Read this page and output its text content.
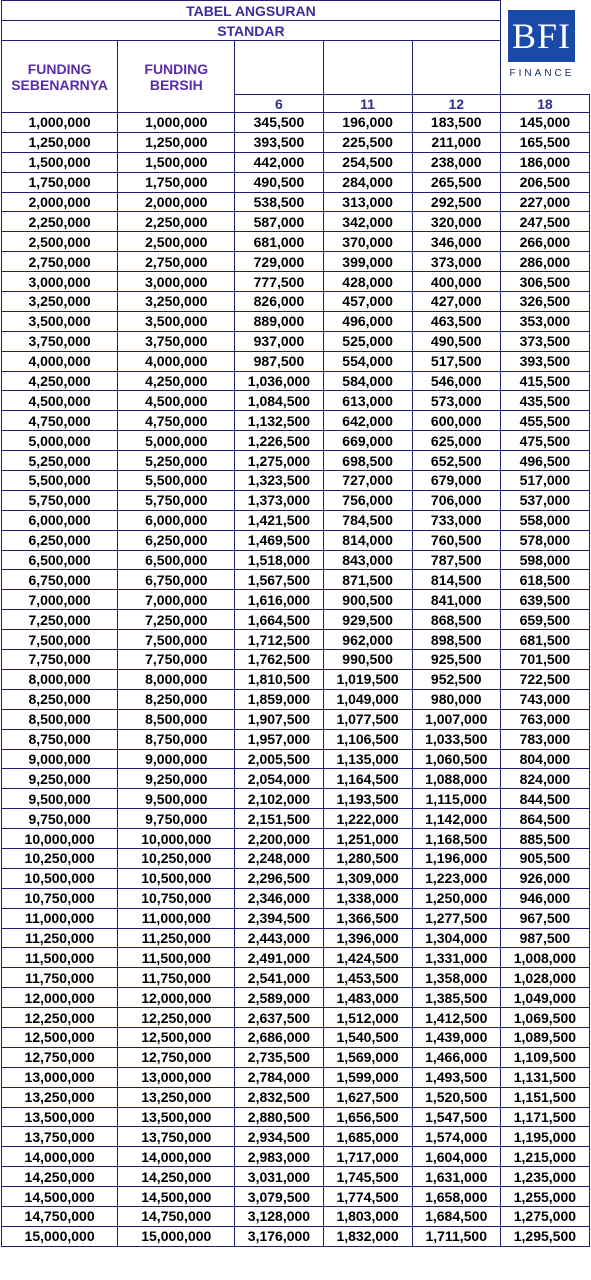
TABEL ANGSURAN					
STANDAR					
FUNDING SEBENARNYA	FUNDING BERSIH				
		6	11	12	18
1,000,000	1,000,000	345,500	196,000	183,500	145,000
1,250,000	1,250,000	393,500	225,500	211,000	165,500
1,500,000	1,500,000	442,000	254,500	238,000	186,000
1,750,000	1,750,000	490,500	284,000	265,500	206,500
2,000,000	2,000,000	538,500	313,000	292,500	227,000
2,250,000	2,250,000	587,000	342,000	320,000	247,500
2,500,000	2,500,000	681,000	370,000	346,000	266,000
2,750,000	2,750,000	729,000	399,000	373,000	286,000
3,000,000	3,000,000	777,500	428,000	400,000	306,500
3,250,000	3,250,000	826,000	457,000	427,000	326,500
3,500,000	3,500,000	889,000	496,000	463,500	353,000
3,750,000	3,750,000	937,000	525,000	490,500	373,500
4,000,000	4,000,000	987,500	554,000	517,500	393,500
4,250,000	4,250,000	1,036,000	584,000	546,000	415,500
4,500,000	4,500,000	1,084,500	613,000	573,000	435,500
4,750,000	4,750,000	1,132,500	642,000	600,000	455,500
5,000,000	5,000,000	1,226,500	669,000	625,000	475,500
5,250,000	5,250,000	1,275,000	698,500	652,500	496,500
5,500,000	5,500,000	1,323,500	727,000	679,000	517,000
5,750,000	5,750,000	1,373,000	756,000	706,000	537,000
6,000,000	6,000,000	1,421,500	784,500	733,000	558,000
6,250,000	6,250,000	1,469,500	814,000	760,500	578,000
6,500,000	6,500,000	1,518,000	843,000	787,500	598,000
6,750,000	6,750,000	1,567,500	871,500	814,500	618,500
7,000,000	7,000,000	1,616,000	900,500	841,000	639,500
7,250,000	7,250,000	1,664,500	929,500	868,500	659,500
7,500,000	7,500,000	1,712,500	962,000	898,500	681,500
7,750,000	7,750,000	1,762,500	990,500	925,500	701,500
8,000,000	8,000,000	1,810,500	1,019,500	952,500	722,500
8,250,000	8,250,000	1,859,000	1,049,000	980,000	743,000
8,500,000	8,500,000	1,907,500	1,077,500	1,007,000	763,000
8,750,000	8,750,000	1,957,000	1,106,500	1,033,500	783,000
9,000,000	9,000,000	2,005,500	1,135,000	1,060,500	804,000
9,250,000	9,250,000	2,054,000	1,164,500	1,088,000	824,000
9,500,000	9,500,000	2,102,000	1,193,500	1,115,000	844,500
9,750,000	9,750,000	2,151,500	1,222,000	1,142,000	864,500
10,000,000	10,000,000	2,200,000	1,251,000	1,168,500	885,500
10,250,000	10,250,000	2,248,000	1,280,500	1,196,000	905,500
10,500,000	10,500,000	2,296,500	1,309,000	1,223,000	926,000
10,750,000	10,750,000	2,346,000	1,338,000	1,250,000	946,000
11,000,000	11,000,000	2,394,500	1,366,500	1,277,500	967,500
11,250,000	11,250,000	2,443,000	1,396,000	1,304,000	987,500
11,500,000	11,500,000	2,491,000	1,424,500	1,331,000	1,008,000
11,750,000	11,750,000	2,541,000	1,453,500	1,358,000	1,028,000
12,000,000	12,000,000	2,589,000	1,483,000	1,385,500	1,049,000
12,250,000	12,250,000	2,637,500	1,512,000	1,412,500	1,069,500
12,500,000	12,500,000	2,686,000	1,540,500	1,439,000	1,089,500
12,750,000	12,750,000	2,735,500	1,569,000	1,466,000	1,109,500
13,000,000	13,000,000	2,784,000	1,599,000	1,493,500	1,131,500
13,250,000	13,250,000	2,832,500	1,627,500	1,520,500	1,151,500
13,500,000	13,500,000	2,880,500	1,656,500	1,547,500	1,171,500
13,750,000	13,750,000	2,934,500	1,685,000	1,574,000	1,195,000
14,000,000	14,000,000	2,983,000	1,717,000	1,604,000	1,215,000
14,250,000	14,250,000	3,031,000	1,745,500	1,631,000	1,235,000
14,500,000	14,500,000	3,079,500	1,774,500	1,658,000	1,255,000
14,750,000	14,750,000	3,128,000	1,803,000	1,684,500	1,275,000
15,000,000	15,000,000	3,176,000	1,832,000	1,711,500	1,295,500
BFI
FINANCE
